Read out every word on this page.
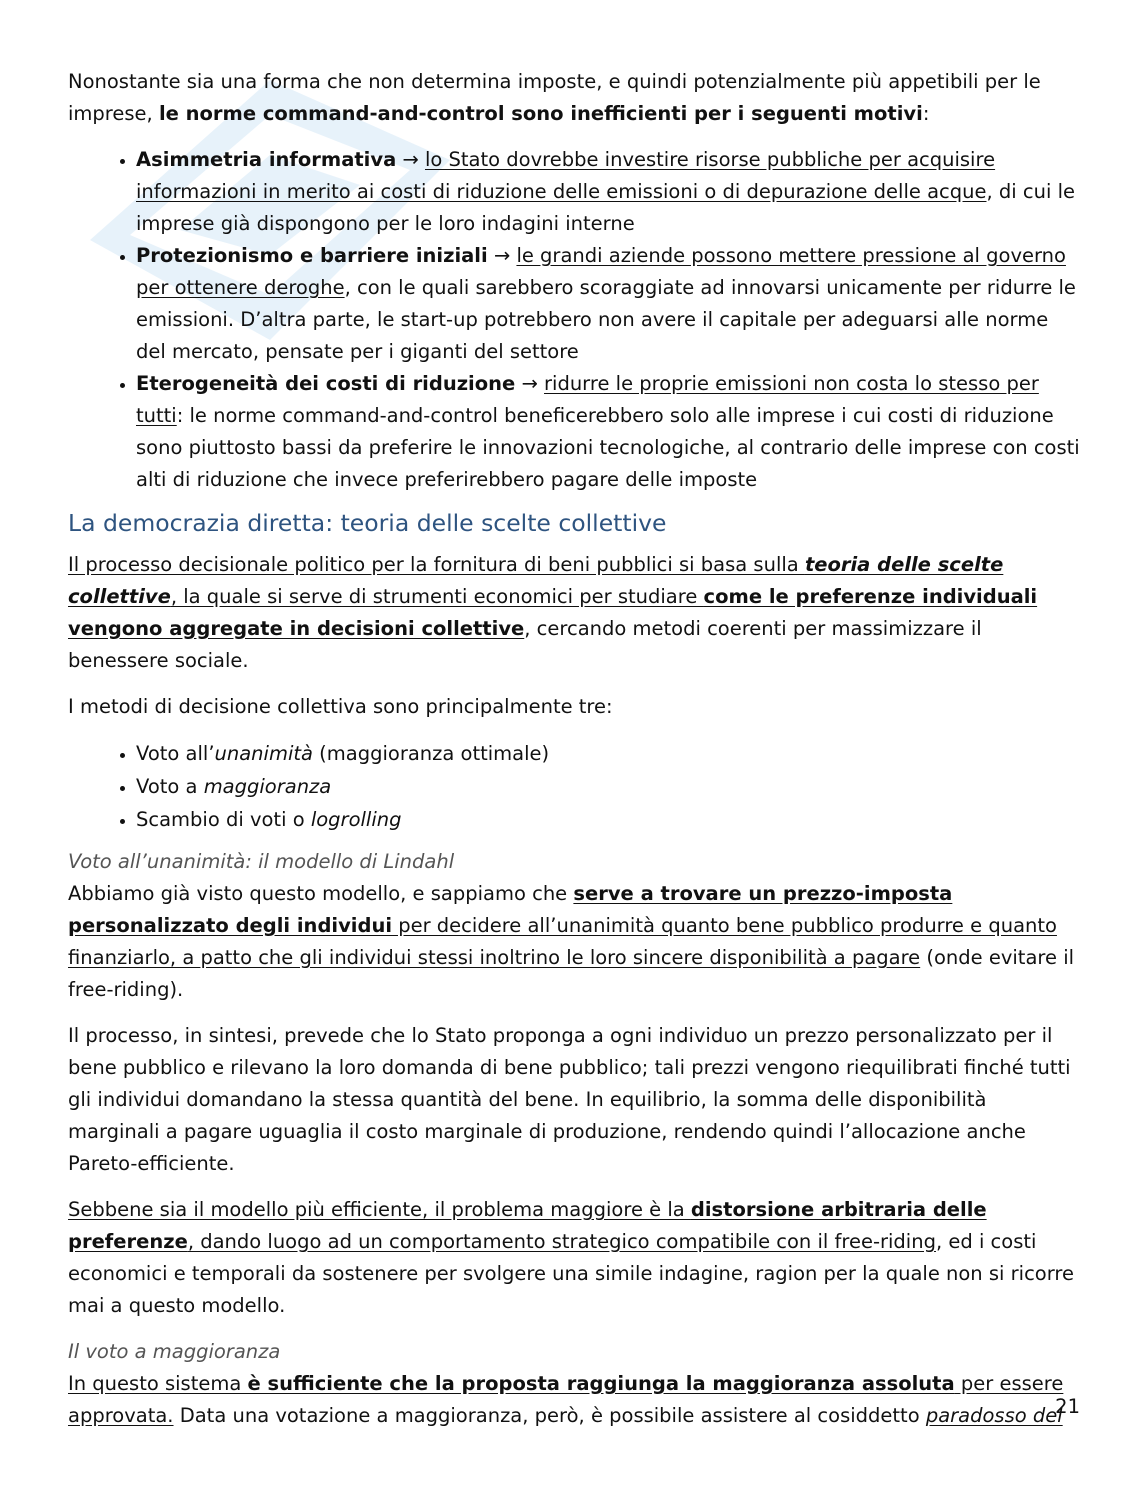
Nonostante sia una forma che non determina imposte, e quindi potenzialmente più appetibili per le imprese, le norme command-and-control sono inefficienti per i seguenti motivi:

• Asimmetria informativa → lo Stato dovrebbe investire risorse pubbliche per acquisire informazioni in merito ai costi di riduzione delle emissioni o di depurazione delle acque, di cui le imprese già dispongono per le loro indagini interne
• Protezionismo e barriere iniziali → le grandi aziende possono mettere pressione al governo per ottenere deroghe, con le quali sarebbero scoraggiate ad innovarsi unicamente per ridurre le emissioni. D’altra parte, le start-up potrebbero non avere il capitale per adeguarsi alle norme del mercato, pensate per i giganti del settore
• Eterogeneità dei costi di riduzione → ridurre le proprie emissioni non costa lo stesso per tutti: le norme command-and-control beneficerebbero solo alle imprese i cui costi di riduzione sono piuttosto bassi da preferire le innovazioni tecnologiche, al contrario delle imprese con costi alti di riduzione che invece preferirebbero pagare delle imposte
La democrazia diretta: teoria delle scelte collettive

Il processo decisionale politico per la fornitura di beni pubblici si basa sulla teoria delle scelte collettive, la quale si serve di strumenti economici per studiare come le preferenze individuali vengono aggregate in decisioni collettive, cercando metodi coerenti per massimizzare il benessere sociale.

I metodi di decisione collettiva sono principalmente tre:

• Voto all’unanimità (maggioranza ottimale)
• Voto a maggioranza
• Scambio di voti o logrolling
Voto all’unanimità: il modello di Lindahl

Abbiamo già visto questo modello, e sappiamo che serve a trovare un prezzo-imposta personalizzato degli individui per decidere all’unanimità quanto bene pubblico produrre e quanto finanziarlo, a patto che gli individui stessi inoltrino le loro sincere disponibilità a pagare (onde evitare il free-riding).

Il processo, in sintesi, prevede che lo Stato proponga a ogni individuo un prezzo personalizzato per il bene pubblico e rilevano la loro domanda di bene pubblico; tali prezzi vengono riequilibrati finché tutti gli individui domandano la stessa quantità del bene. In equilibrio, la somma delle disponibilità marginali a pagare uguaglia il costo marginale di produzione, rendendo quindi l’allocazione anche Pareto-efficiente.

Sebbene sia il modello più efficiente, il problema maggiore è la distorsione arbitraria delle preferenze, dando luogo ad un comportamento strategico compatibile con il free-riding, ed i costi economici e temporali da sostenere per svolgere una simile indagine, ragion per la quale non si ricorre mai a questo modello.

Il voto a maggioranza

In questo sistema è sufficiente che la proposta raggiunga la maggioranza assoluta per essere approvata. Data una votazione a maggioranza, però, è possibile assistere al cosiddetto paradosso del

21
